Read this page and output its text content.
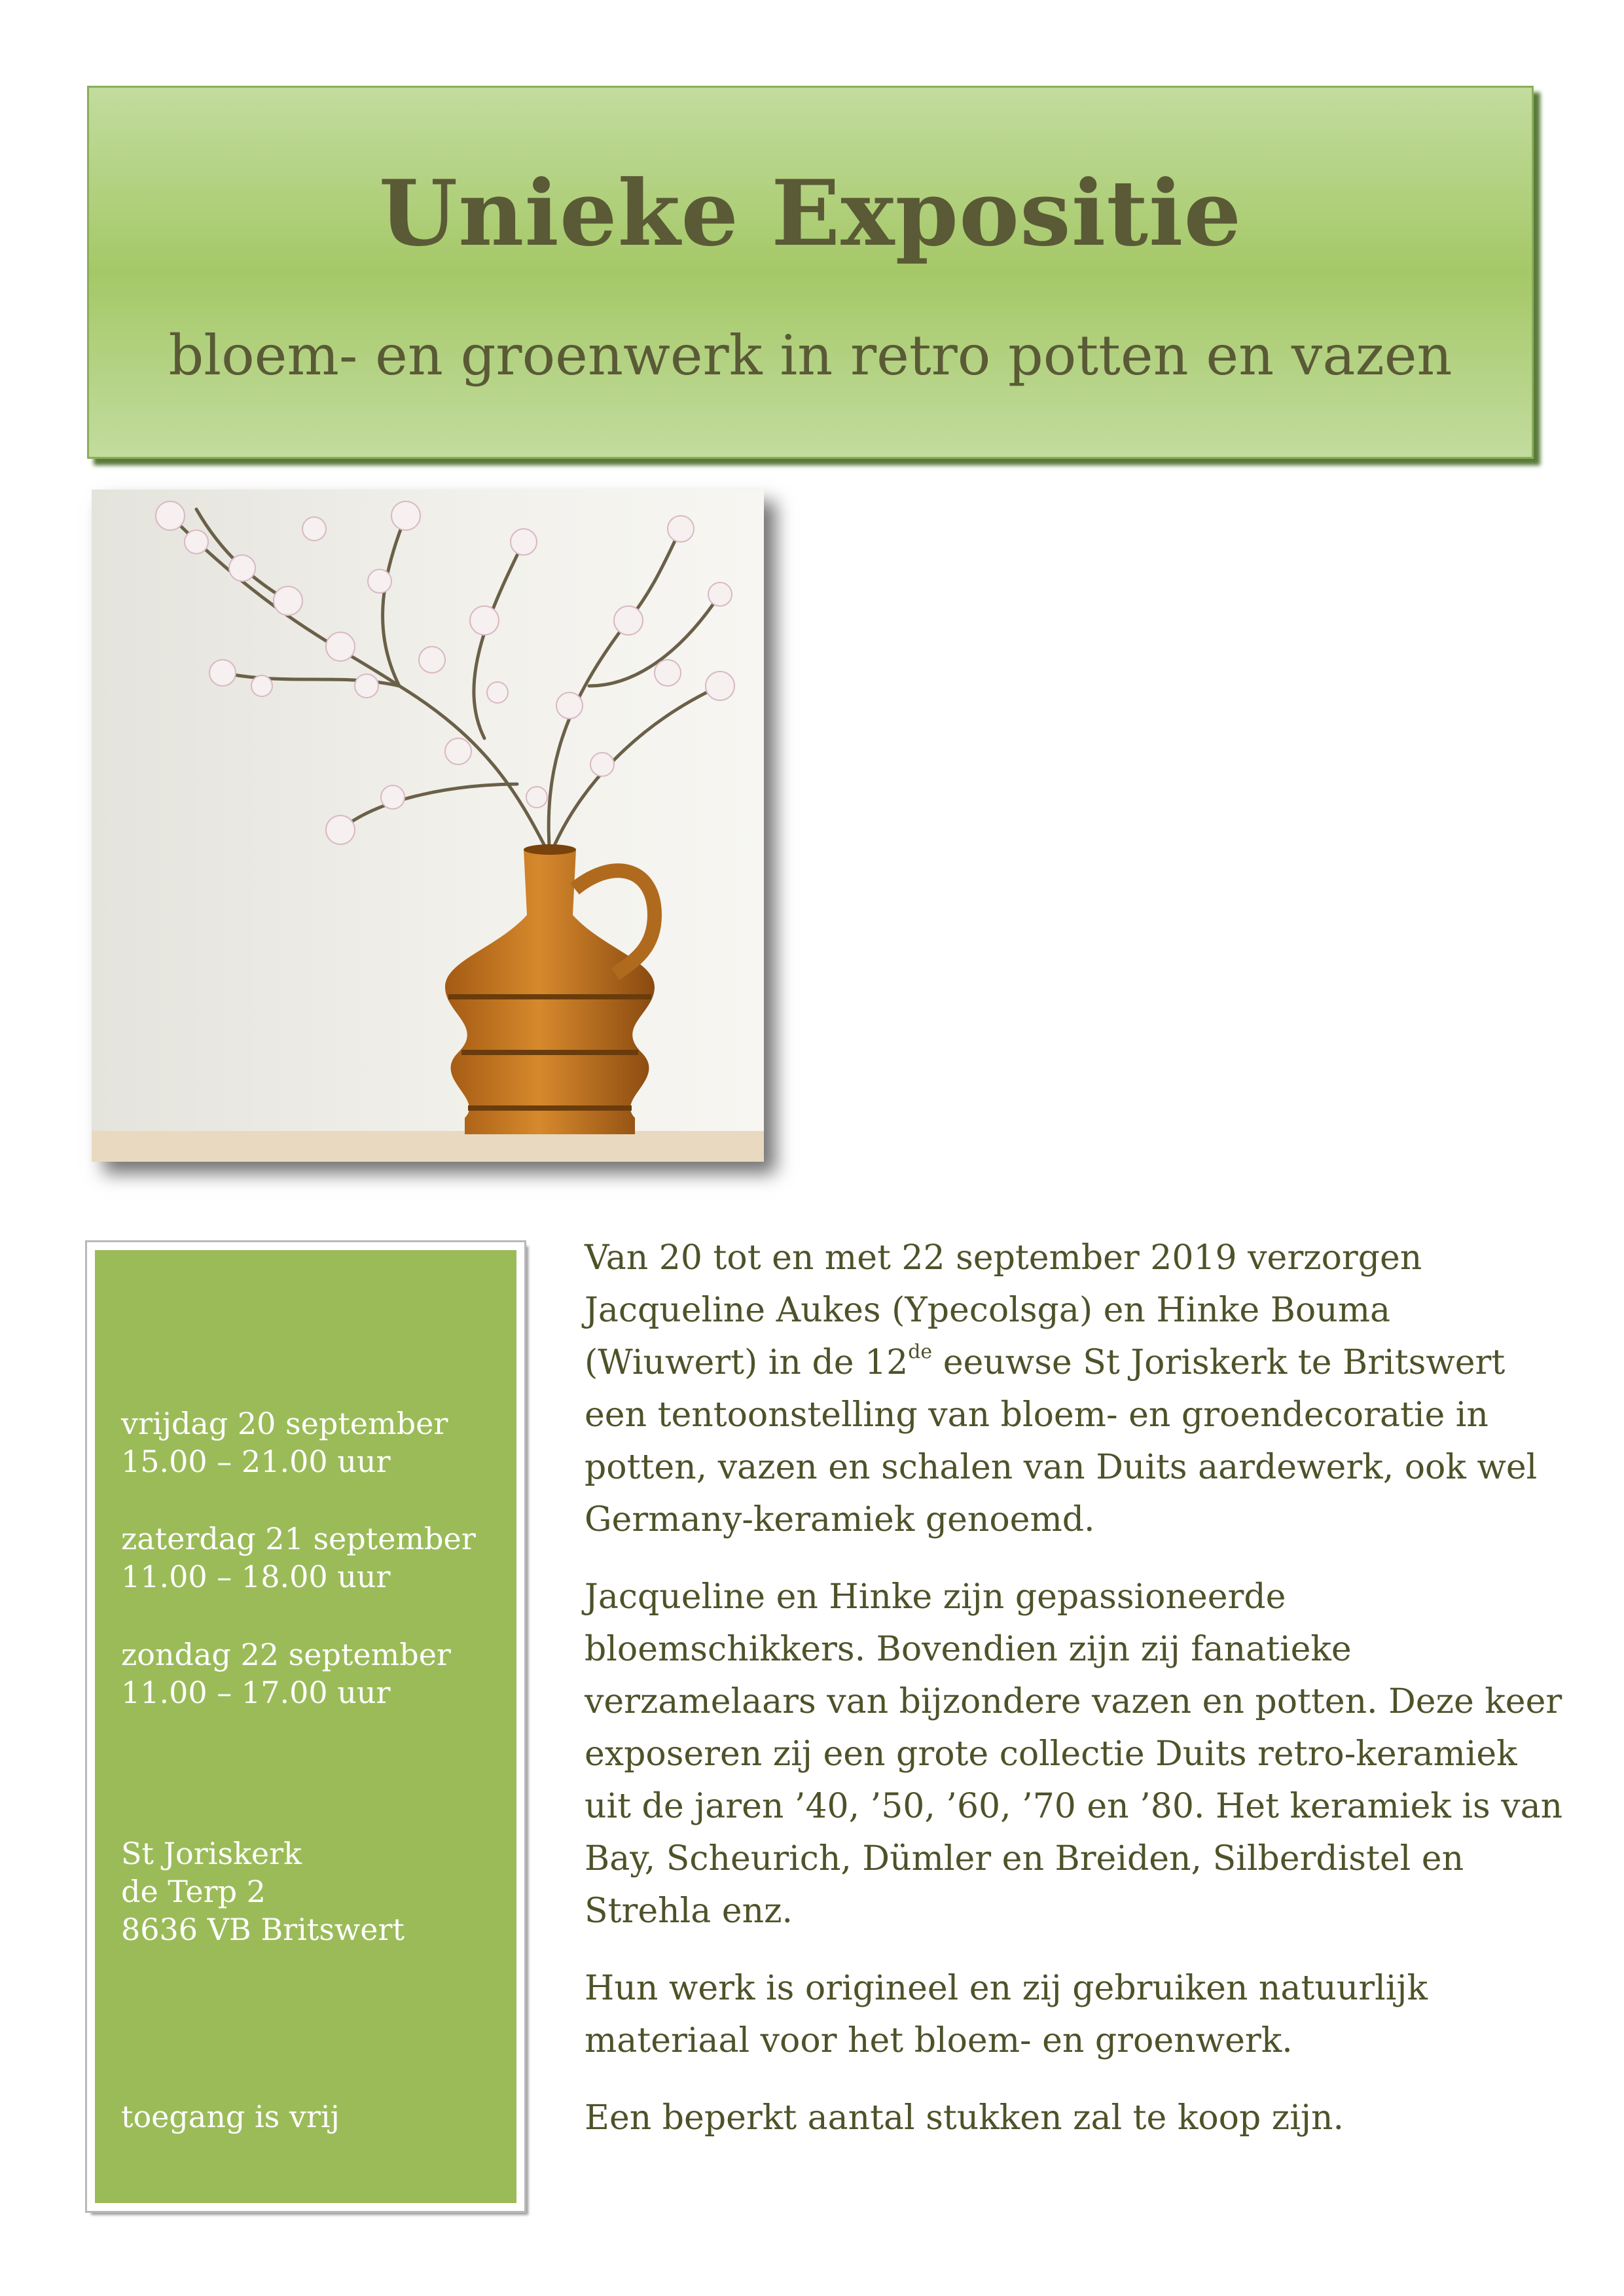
Unieke Expositie
bloem- en groenwerk in retro potten en vazen

vrijdag 20 september
15.00 – 21.00 uur

zaterdag 21 september
11.00 – 18.00 uur

zondag 22 september
11.00 – 17.00 uur

St Joriskerk
de Terp 2
8636 VB Britswert

toegang is vrij

Van 20 tot en met 22 september 2019 verzorgen Jacqueline Aukes (Ypecolsga) en Hinke Bouma (Wiuwert) in de 12de eeuwse St Joriskerk te Britswert een tentoonstelling van bloem- en groendecoratie in potten, vazen en schalen van Duits aardewerk, ook wel Germany-keramiek genoemd.

Jacqueline en Hinke zijn gepassioneerde bloemschikkers. Bovendien zijn zij fanatieke verzamelaars van bijzondere vazen en potten. Deze keer exposeren zij een grote collectie Duits retro-keramiek uit de jaren ’40, ’50, ’60, ’70 en ’80. Het keramiek is van Bay, Scheurich, Dümler en Breiden, Silberdistel en Strehla enz.

Hun werk is origineel en zij gebruiken natuurlijk materiaal voor het bloem- en groenwerk.

Een beperkt aantal stukken zal te koop zijn.
